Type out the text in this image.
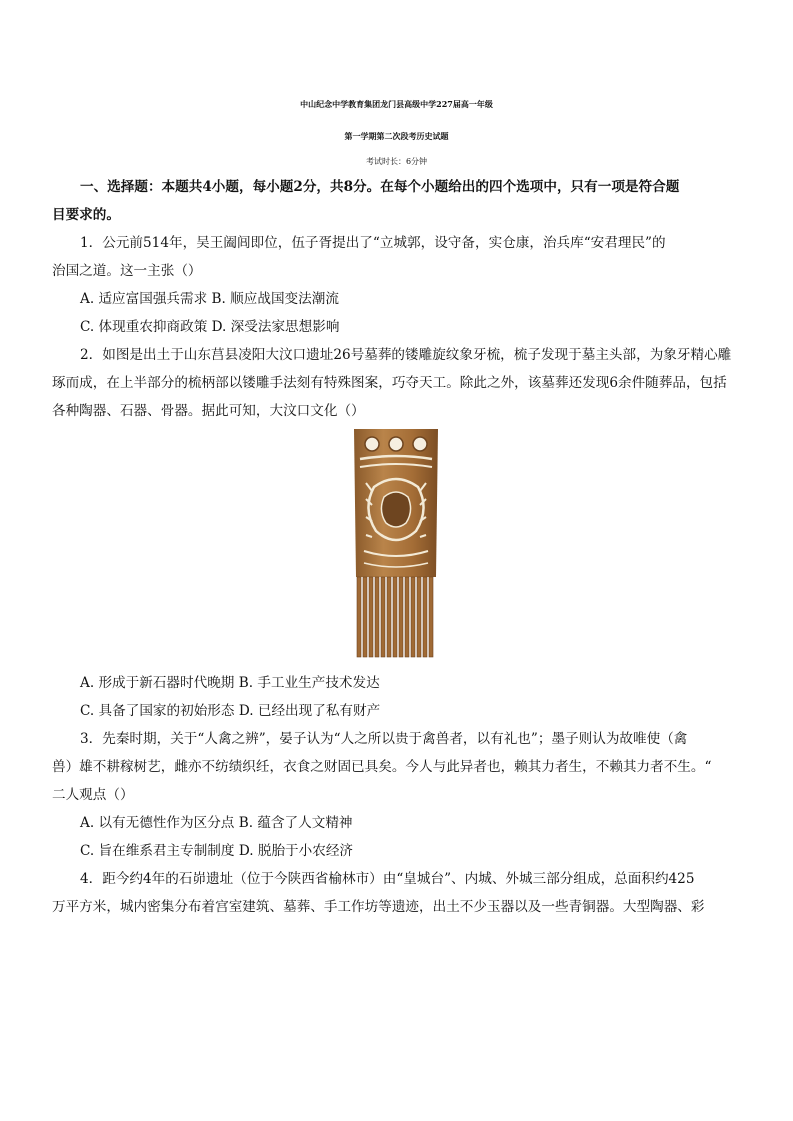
中山纪念中学教育集团龙门县高级中学227届高一年级
第一学期第二次段考历史试题
考试时长：6分钟
一、选择题：本题共4小题，每小题2分，共8分。在每个小题给出的四个选项中，只有一项是符合题
目要求的。
1．公元前514年，吴王阖闾即位，伍子胥提出了“立城郭，设守备，实仓康，治兵库“安君理民”的
治国之道。这一主张（）
A. 适应富国强兵需求 B. 顺应战国变法潮流
C. 体现重农抑商政策 D. 深受法家思想影响
2．如图是出土于山东莒县凌阳大汶口遗址26号墓葬的镂雕旋纹象牙梳，梳子发现于墓主头部，为象牙精心雕
琢而成，在上半部分的梳柄部以镂雕手法刻有特殊图案，巧夺天工。除此之外，该墓葬还发现6余件随葬品，包括
各种陶器、石器、骨器。据此可知，大汶口文化（）
A. 形成于新石器时代晚期 B. 手工业生产技术发达
C. 具备了国家的初始形态 D. 已经出现了私有财产
3．先秦时期，关于“人禽之辨”，晏子认为“人之所以贵于禽兽者，以有礼也”；墨子则认为故唯使（禽
兽）雄不耕稼树艺，雌亦不纺绩织纴，衣食之财固已具矣。今人与此异者也，赖其力者生，不赖其力者不生。“
二人观点（）
A. 以有无德性作为区分点 B. 蕴含了人文精神
C. 旨在维系君主专制制度 D. 脱胎于小农经济
4．距今约4年的石峁遗址（位于今陕西省榆林市）由“皇城台”、内城、外城三部分组成，总面积约425
万平方米，城内密集分布着宫室建筑、墓葬、手工作坊等遗迹，出土不少玉器以及一些青铜器。大型陶器、彩
